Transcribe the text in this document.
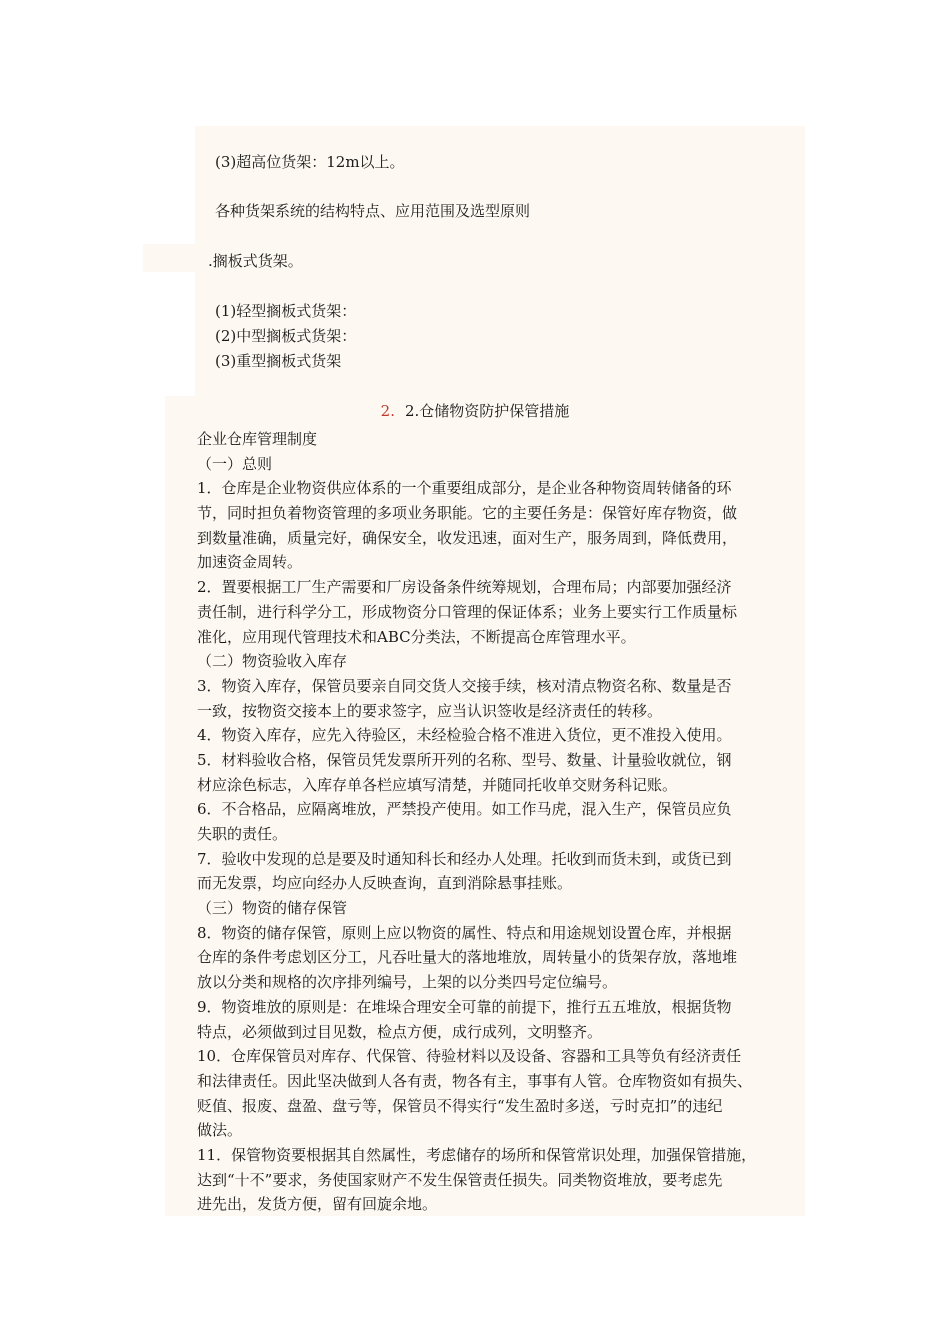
(3)超高位货架：12m以上。
各种货架系统的结构特点、应用范围及选型原则
.搁板式货架。
(1)轻型搁板式货架：
(2)中型搁板式货架：
(3)重型搁板式货架
2. 2.仓储物资防护保管措施
企业仓库管理制度
（一）总则
1．仓库是企业物资供应体系的一个重要组成部分，是企业各种物资周转储备的环
节，同时担负着物资管理的多项业务职能。它的主要任务是：保管好库存物资，做
到数量准确，质量完好，确保安全，收发迅速，面对生产，服务周到，降低费用，
加速资金周转。
2．置要根据工厂生产需要和厂房设备条件统筹规划，合理布局；内部要加强经济
责任制，进行科学分工，形成物资分口管理的保证体系；业务上要实行工作质量标
准化，应用现代管理技术和ABC分类法，不断提高仓库管理水平。
（二）物资验收入库存
3．物资入库存，保管员要亲自同交货人交接手续，核对清点物资名称、数量是否
一致，按物资交接本上的要求签字，应当认识签收是经济责任的转移。
4．物资入库存，应先入待验区，未经检验合格不准进入货位，更不准投入使用。
5．材料验收合格，保管员凭发票所开列的名称、型号、数量、计量验收就位，钢
材应涂色标志，入库存单各栏应填写清楚，并随同托收单交财务科记账。
6．不合格品，应隔离堆放，严禁投产使用。如工作马虎，混入生产，保管员应负
失职的责任。
7．验收中发现的总是要及时通知科长和经办人处理。托收到而货未到，或货已到
而无发票，均应向经办人反映查询，直到消除悬事挂账。
（三）物资的储存保管
8．物资的储存保管，原则上应以物资的属性、特点和用途规划设置仓库，并根据
仓库的条件考虑划区分工，凡吞吐量大的落地堆放，周转量小的货架存放，落地堆
放以分类和规格的次序排列编号，上架的以分类四号定位编号。
9．物资堆放的原则是：在堆垛合理安全可靠的前提下，推行五五堆放，根据货物
特点，必须做到过目见数，检点方便，成行成列，文明整齐。
10．仓库保管员对库存、代保管、待验材料以及设备、容器和工具等负有经济责任
和法律责任。因此坚决做到人各有责，物各有主，事事有人管。仓库物资如有损失、
贬值、报废、盘盈、盘亏等，保管员不得实行“发生盈时多送，亏时克扣”的违纪
做法。
11．保管物资要根据其自然属性，考虑储存的场所和保管常识处理，加强保管措施，
达到“十不”要求，务使国家财产不发生保管责任损失。同类物资堆放，要考虑先
进先出，发货方便，留有回旋余地。
